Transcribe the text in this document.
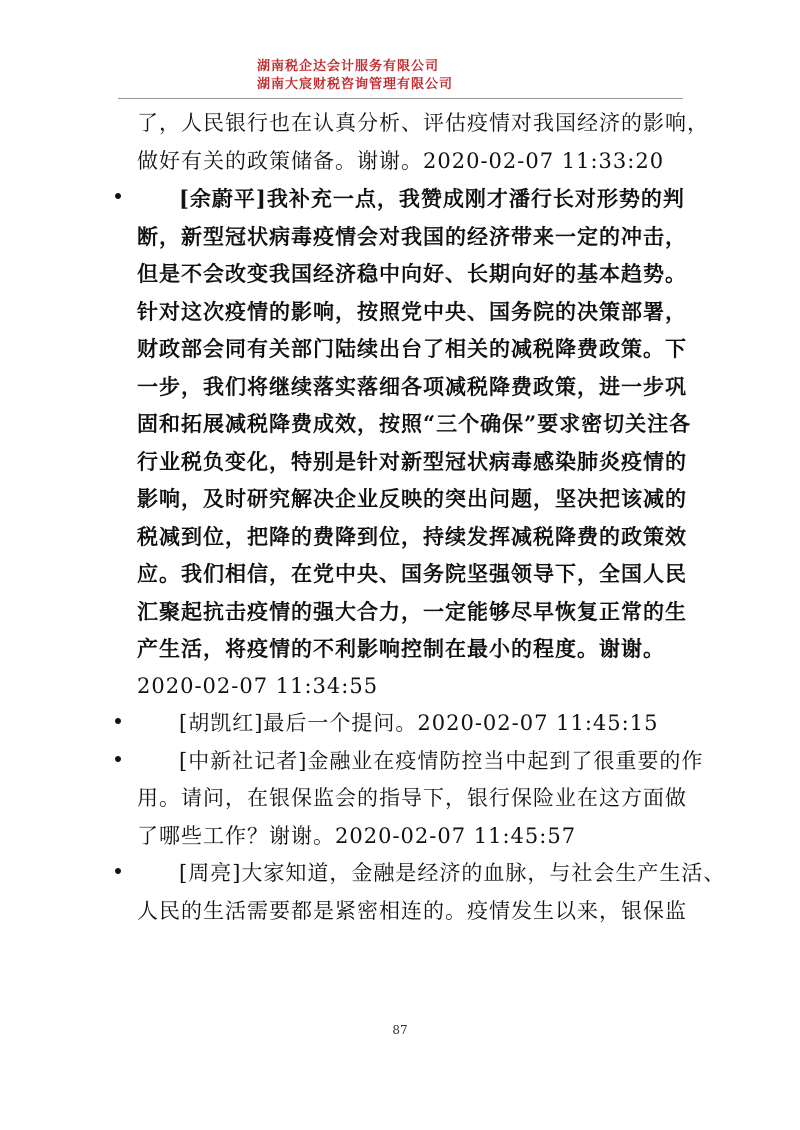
湖南税企达会计服务有限公司
湖南大宸财税咨询管理有限公司
了，人民银行也在认真分析、评估疫情对我国经济的影响，
做好有关的政策储备。谢谢。2020-02-07 11:33:20
[余蔚平]我补充一点，我赞成刚才潘行长对形势的判
断，新型冠状病毒疫情会对我国的经济带来一定的冲击，
但是不会改变我国经济稳中向好、长期向好的基本趋势。
针对这次疫情的影响，按照党中央、国务院的决策部署，
财政部会同有关部门陆续出台了相关的减税降费政策。下
一步，我们将继续落实落细各项减税降费政策，进一步巩
固和拓展减税降费成效，按照“三个确保”要求密切关注各
行业税负变化，特别是针对新型冠状病毒感染肺炎疫情的
影响，及时研究解决企业反映的突出问题，坚决把该减的
税减到位，把降的费降到位，持续发挥减税降费的政策效
应。我们相信，在党中央、国务院坚强领导下，全国人民
汇聚起抗击疫情的强大合力，一定能够尽早恢复正常的生
产生活，将疫情的不利影响控制在最小的程度。谢谢。
2020-02-07 11:34:55
[胡凯红]最后一个提问。2020-02-07 11:45:15
[中新社记者]金融业在疫情防控当中起到了很重要的作
用。请问，在银保监会的指导下，银行保险业在这方面做
了哪些工作？谢谢。2020-02-07 11:45:57
[周亮]大家知道，金融是经济的血脉，与社会生产生活、
人民的生活需要都是紧密相连的。疫情发生以来，银保监
87
